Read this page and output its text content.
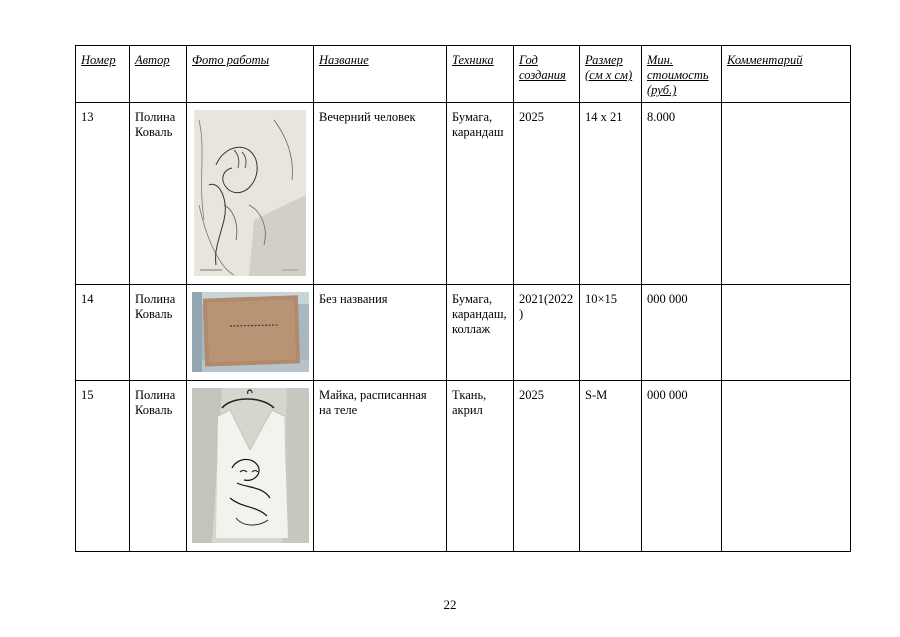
Номер	Автор	Фото работы	Название	Техника	Год создания	Размер (см х см)	Мин. стоимость (руб.)	Комментарий
13	Полина Коваль		Вечерний человек	Бумага, карандаш	2025	14 х 21	8.000	
14	Полина Коваль		Без названия	Бумага, карандаш, коллаж	2021(2022)	10×15	000 000	
15	Полина Коваль		Майка, расписанная на теле	Ткань, акрил	2025	S-M	000 000	
22
